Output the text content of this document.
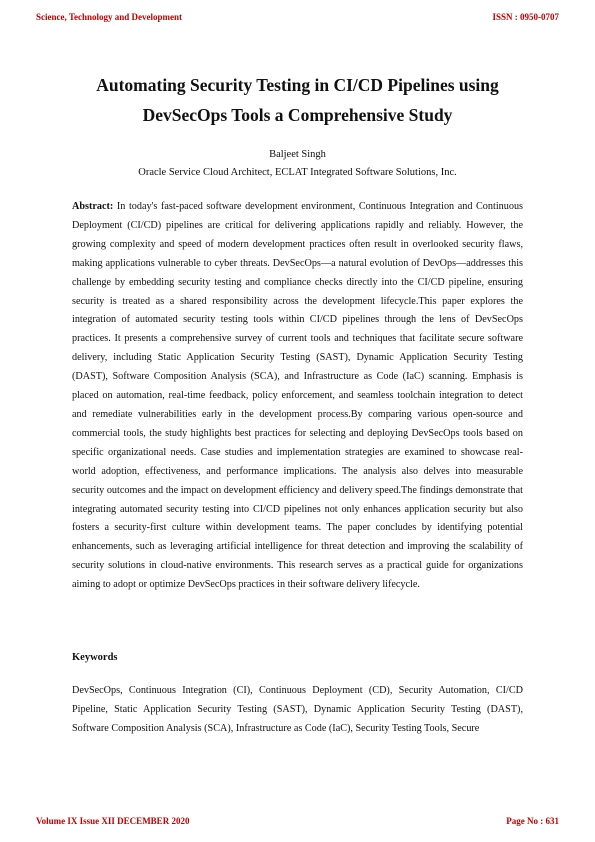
Science, Technology and Development	ISSN : 0950-0707
Automating Security Testing in CI/CD Pipelines using
DevSecOps Tools a Comprehensive Study
Baljeet Singh
Oracle Service Cloud Architect, ECLAT Integrated Software Solutions, Inc.

Abstract: In today's fast-paced software development environment, Continuous Integration and Continuous Deployment (CI/CD) pipelines are critical for delivering applications rapidly and reliably. However, the growing complexity and speed of modern development practices often result in overlooked security flaws, making applications vulnerable to cyber threats. DevSecOps—a natural evolution of DevOps—addresses this challenge by embedding security testing and compliance checks directly into the CI/CD pipeline, ensuring security is treated as a shared responsibility across the development lifecycle.This paper explores the integration of automated security testing tools within CI/CD pipelines through the lens of DevSecOps practices. It presents a comprehensive survey of current tools and techniques that facilitate secure software delivery, including Static Application Security Testing (SAST), Dynamic Application Security Testing (DAST), Software Composition Analysis (SCA), and Infrastructure as Code (IaC) scanning. Emphasis is placed on automation, real-time feedback, policy enforcement, and seamless toolchain integration to detect and remediate vulnerabilities early in the development process.By comparing various open-source and commercial tools, the study highlights best practices for selecting and deploying DevSecOps tools based on specific organizational needs. Case studies and implementation strategies are examined to showcase real-world adoption, effectiveness, and performance implications. The analysis also delves into measurable security outcomes and the impact on development efficiency and delivery speed.The findings demonstrate that integrating automated security testing into CI/CD pipelines not only enhances application security but also fosters a security-first culture within development teams. The paper concludes by identifying potential enhancements, such as leveraging artificial intelligence for threat detection and improving the scalability of security solutions in cloud-native environments. This research serves as a practical guide for organizations aiming to adopt or optimize DevSecOps practices in their software delivery lifecycle.

Keywords

DevSecOps, Continuous Integration (CI), Continuous Deployment (CD), Security Automation, CI/CD Pipeline, Static Application Security Testing (SAST), Dynamic Application Security Testing (DAST), Software Composition Analysis (SCA), Infrastructure as Code (IaC), Security Testing Tools, Secure

Volume IX Issue XII DECEMBER 2020	Page No : 631
